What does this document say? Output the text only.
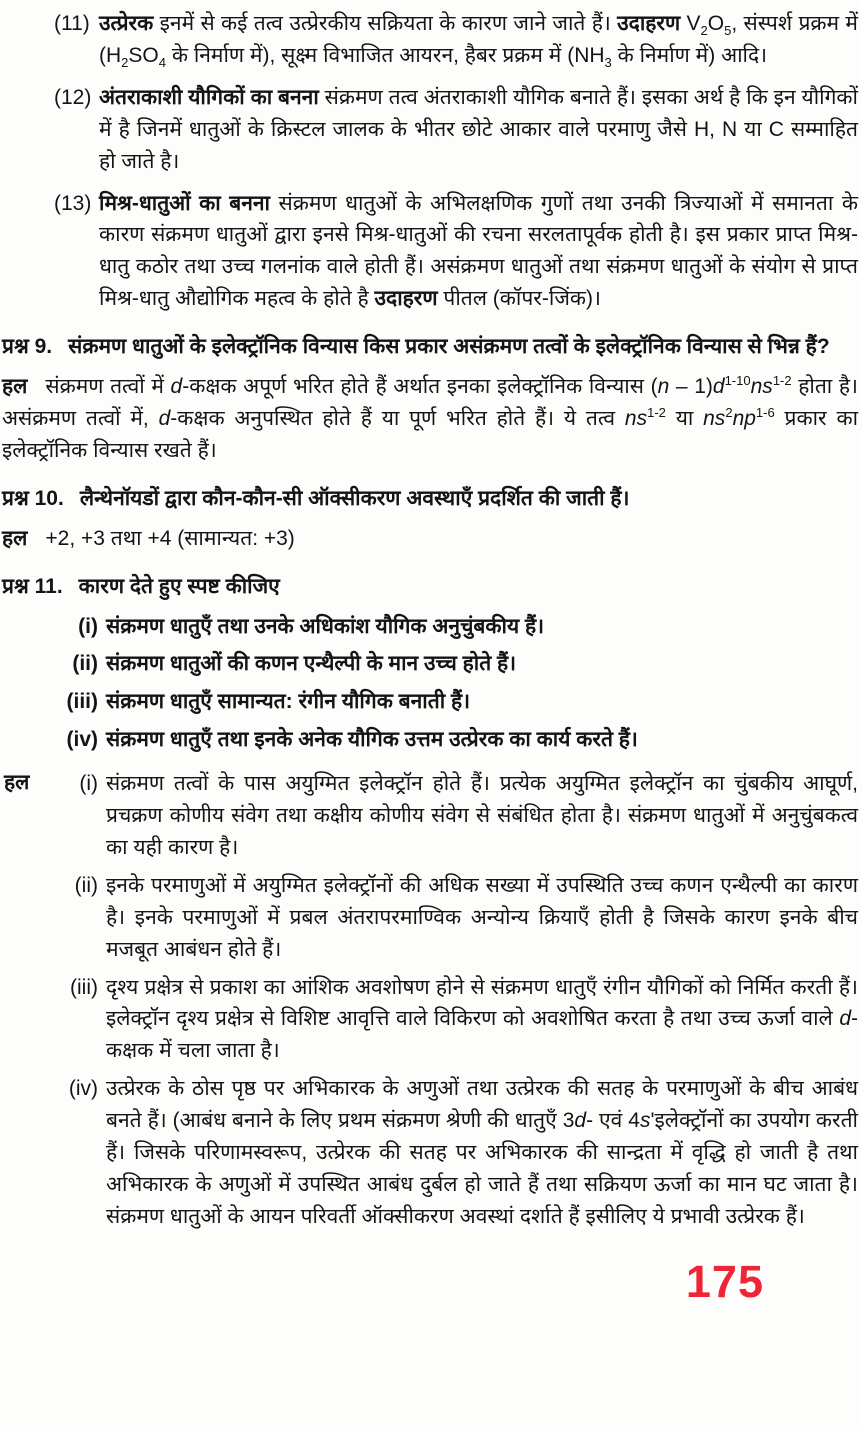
(11) उत्प्रेरक इनमें से कई तत्व उत्प्रेरकीय सक्रियता के कारण जाने जाते हैं। उदाहरण $V_2O_5$, संस्पर्श प्रक्रम में ($H_2SO_4$ के निर्माण में), सूक्ष्म विभाजित आयरन, हैबर प्रक्रम में ($NH_3$ के निर्माण में) आदि।
(12) अंतराकाशी यौगिकों का बनना संक्रमण तत्व अंतराकाशी यौगिक बनाते हैं। इसका अर्थ है कि इन यौगिकों में है जिनमें धातुओं के क्रिस्टल जालक के भीतर छोटे आकार वाले परमाणु जैसे H, N या C सम्माहित हो जाते है।
(13) मिश्र-धातुओं का बनना संक्रमण धातुओं के अभिलक्षणिक गुणों तथा उनकी त्रिज्याओं में समानता के कारण संक्रमण धातुओं द्वारा इनसे मिश्र-धातुओं की रचना सरलतापूर्वक होती है। इस प्रकार प्राप्त मिश्र-धातु कठोर तथा उच्च गलनांक वाले होती हैं। असंक्रमण धातुओं तथा संक्रमण धातुओं के संयोग से प्राप्त मिश्र-धातु औद्योगिक महत्व के होते है उदाहरण पीतल (कॉपर-जिंक)।
प्रश्न 9. संक्रमण धातुओं के इलेक्ट्रॉनिक विन्यास किस प्रकार असंक्रमण तत्वों के इलेक्ट्रॉनिक विन्यास से भिन्न हैं?
हल संक्रमण तत्वों में d-कक्षक अपूर्ण भरित होते हैं अर्थात इनका इलेक्ट्रॉनिक विन्यास $(n - 1)d^{1-10}ns^{1-2}$ होता है। असंक्रमण तत्वों में, d-कक्षक अनुपस्थित होते हैं या पूर्ण भरित होते हैं। ये तत्व $ns^{1-2}$ या $ns^2np^{1-6}$ प्रकार का इलेक्ट्रॉनिक विन्यास रखते हैं।
प्रश्न 10. लैन्थेनॉयडों द्वारा कौन-कौन-सी ऑक्सीकरण अवस्थाएँ प्रदर्शित की जाती हैं।
हल +2, +3 तथा +4 (सामान्यत: +3)
प्रश्न 11. कारण देते हुए स्पष्ट कीजिए
(i) संक्रमण धातुएँ तथा उनके अधिकांश यौगिक अनुचुंबकीय हैं।
(ii) संक्रमण धातुओं की कणन एन्थैल्पी के मान उच्च होते हैं।
(iii) संक्रमण धातुएँ सामान्यत: रंगीन यौगिक बनाती हैं।
(iv) संक्रमण धातुएँ तथा इनके अनेक यौगिक उत्तम उत्प्रेरक का कार्य करते हैं।
हल	(i) संक्रमण तत्वों के पास अयुग्मित इलेक्ट्रॉन होते हैं। प्रत्येक अयुग्मित इलेक्ट्रॉन का चुंबकीय आघूर्ण, प्रचक्रण कोणीय संवेग तथा कक्षीय कोणीय संवेग से संबंधित होता है। संक्रमण धातुओं में अनुचुंबकत्व का यही कारण है।
(ii) इनके परमाणुओं में अयुग्मित इलेक्ट्रॉनों की अधिक सख्या में उपस्थिति उच्च कणन एन्थैल्पी का कारण है। इनके परमाणुओं में प्रबल अंतरापरमाण्विक अन्योन्य क्रियाएँ होती है जिसके कारण इनके बीच मजबूत आबंधन होते हैं।
(iii) दृश्य प्रक्षेत्र से प्रकाश का आंशिक अवशोषण होने से संक्रमण धातुएँ रंगीन यौगिकों को निर्मित करती हैं। इलेक्ट्रॉन दृश्य प्रक्षेत्र से विशिष्ट आवृत्ति वाले विकिरण को अवशोषित करता है तथा उच्च ऊर्जा वाले d-कक्षक में चला जाता है।
(iv) उत्प्रेरक के ठोस पृष्ठ पर अभिकारक के अणुओं तथा उत्प्रेरक की सतह के परमाणुओं के बीच आबंध बनते हैं। (आबंध बनाने के लिए प्रथम संक्रमण श्रेणी की धातुएँ 3d- एवं 4s'इलेक्ट्रॉनों का उपयोग करती हैं। जिसके परिणामस्वरूप, उत्प्रेरक की सतह पर अभिकारक की सान्द्रता में वृद्धि हो जाती है तथा अभिकारक के अणुओं में उपस्थित आबंध दुर्बल हो जाते हैं तथा सक्रियण ऊर्जा का मान घट जाता है। संक्रमण धातुओं के आयन परिवर्ती ऑक्सीकरण अवस्थां दर्शाते हैं इसीलिए ये प्रभावी उत्प्रेरक हैं।
175
